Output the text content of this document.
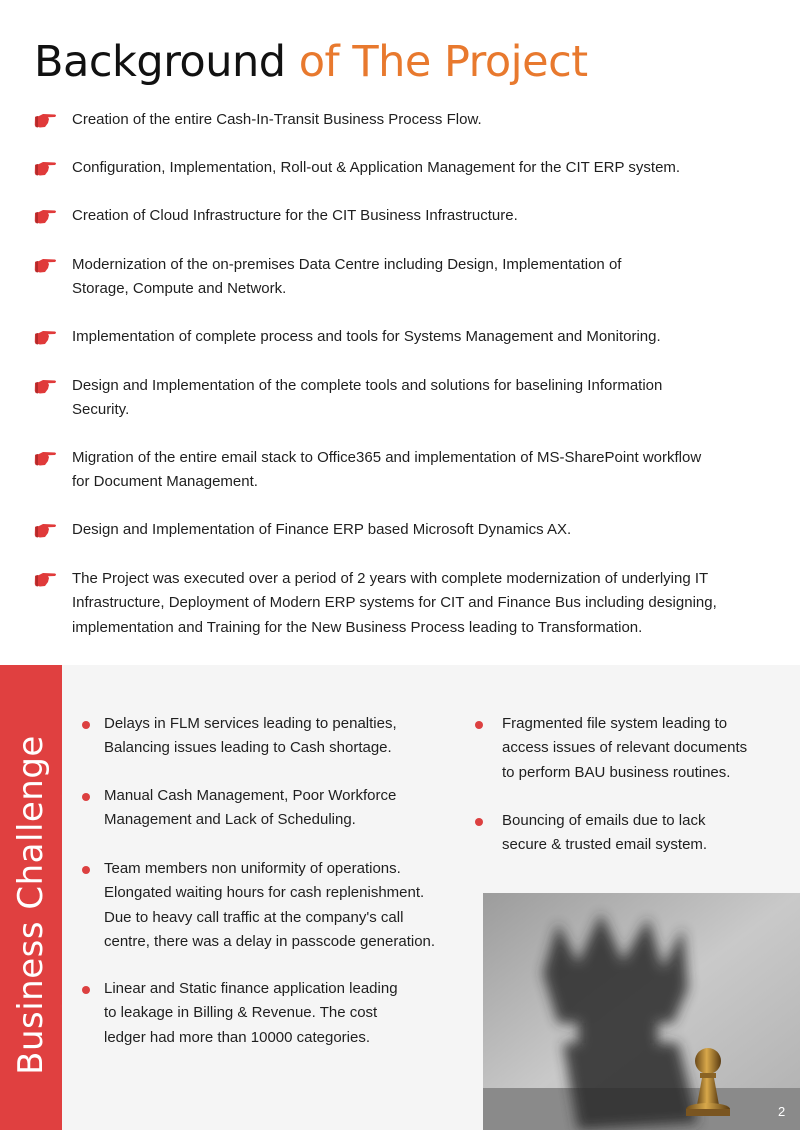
Background of The Project
Creation of the entire Cash-In-Transit Business Process Flow.
Configuration, Implementation, Roll-out & Application Management for the CIT ERP system.
Creation of Cloud Infrastructure for the CIT Business Infrastructure.
Modernization of the on-premises Data Centre including Design, Implementation of
Storage, Compute and Network.
Implementation of complete process and tools for Systems Management and Monitoring.
Design and Implementation of the complete tools and solutions for baselining Information
Security.
Migration of the entire email stack to Office365 and implementation of MS-SharePoint workflow
for Document Management.
Design and Implementation of Finance ERP based Microsoft Dynamics AX.
The Project was executed over a period of 2 years with complete modernization of underlying IT
Infrastructure, Deployment of Modern ERP systems for CIT and Finance Bus including designing,
implementation and Training for the New Business Process leading to Transformation.
Business Challenge
Delays in FLM services leading to penalties,
Balancing issues leading to Cash shortage.
Manual Cash Management, Poor Workforce
Management and Lack of Scheduling.
Team members non uniformity of operations.
Elongated waiting hours for cash replenishment.
Due to heavy call traffic at the company's call
centre, there was a delay in passcode generation.
Linear and Static finance application leading
to leakage in Billing & Revenue. The cost
ledger had more than 10000 categories.
Fragmented file system leading to
access issues of relevant documents
to perform BAU business routines.
Bouncing of emails due to lack
secure & trusted email system.
2
